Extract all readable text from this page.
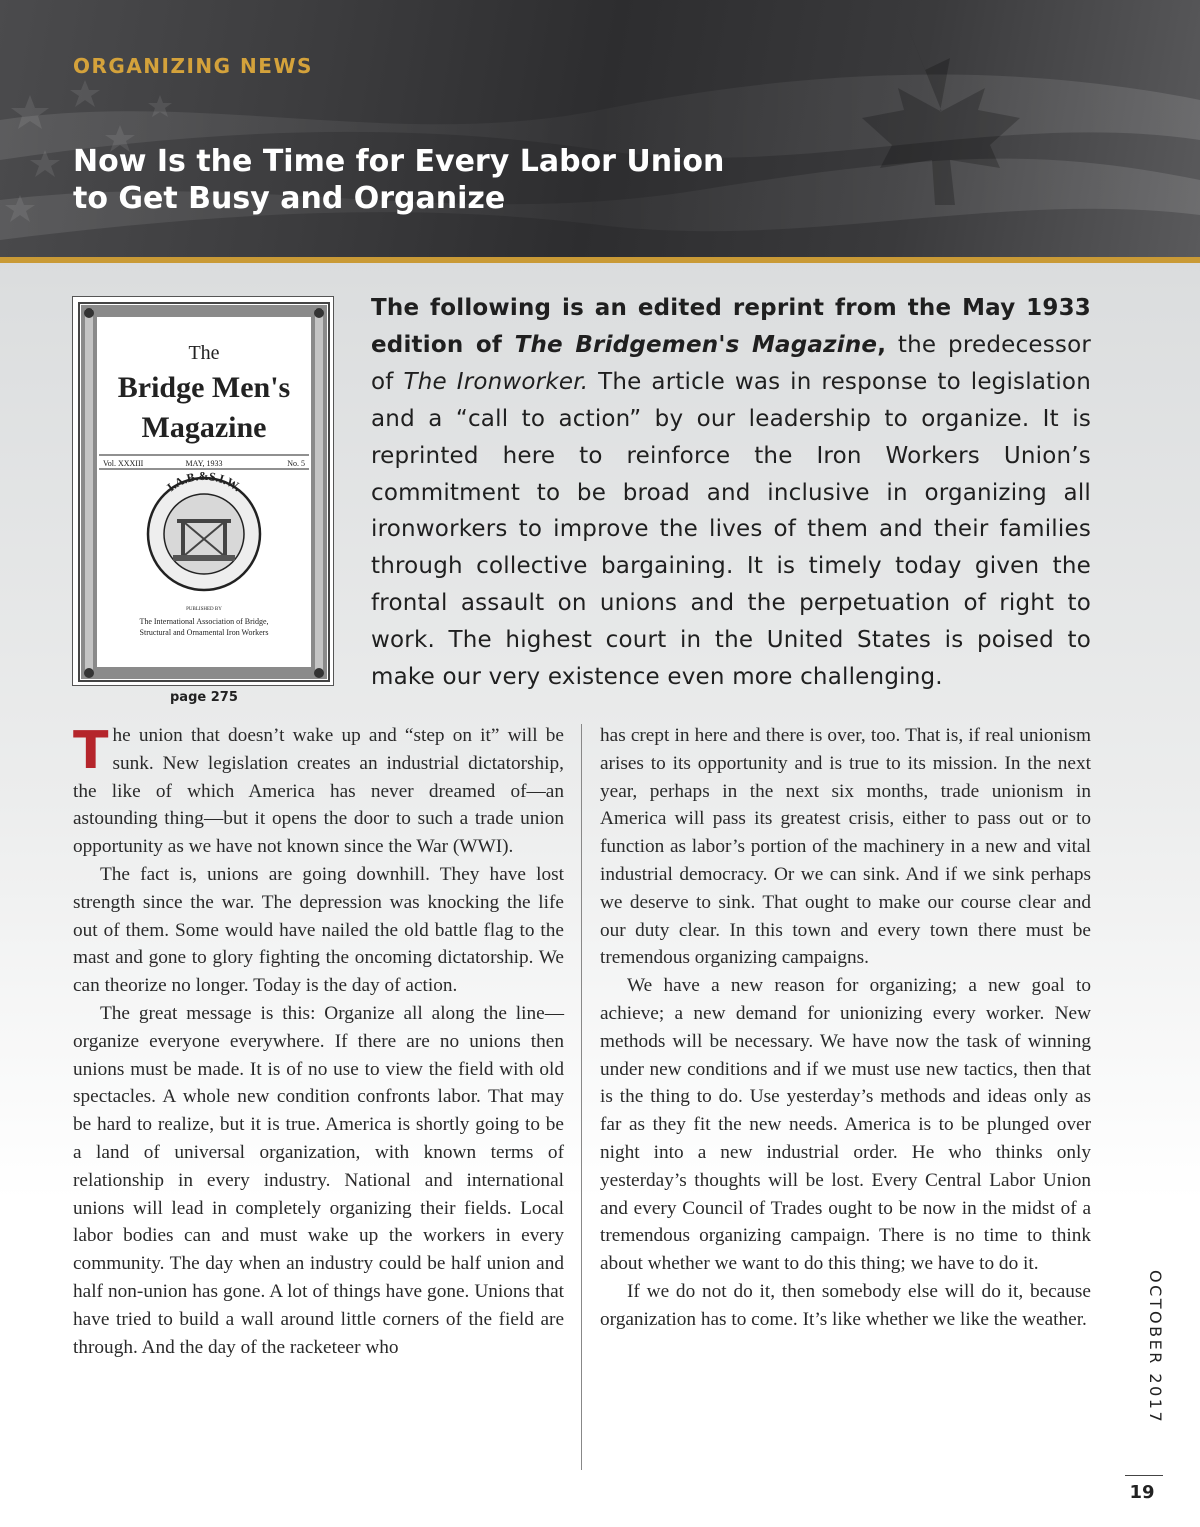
ORGANIZING NEWS

Now Is the Time for Every Labor Union
to Get Busy and Organize
The
Bridge Men's
Magazine
Vol. XXXIII	MAY, 1933	No. 5
I.A.B.&S.I.W.
PUBLISHED BY
The International Association of Bridge,
Structural and Ornamental Iron Workers

page 275

The following is an edited reprint from the May 1933 edition of The Bridgemen's Magazine, the predecessor of The Ironworker. The article was in response to legislation and a “call to action” by our leadership to organize. It is reprinted here to reinforce the Iron Workers Union’s commitment to be broad and inclusive in organizing all ironworkers to improve the lives of them and their families through collective bargaining. It is timely today given the frontal assault on unions and the perpetuation of right to work. The highest court in the United States is poised to make our very existence even more challenging.

The union that doesn’t wake up and “step on it” will be sunk. New legislation creates an industrial dictatorship, the like of which America has never dreamed of—an astounding thing—but it opens the door to such a trade union opportunity as we have not known since the War (WWI).

The fact is, unions are going downhill. They have lost strength since the war. The depression was knocking the life out of them. Some would have nailed the old battle flag to the mast and gone to glory fighting the oncoming dictatorship. We can theorize no longer. Today is the day of action.

The great message is this: Organize all along the line—organize everyone everywhere. If there are no unions then unions must be made. It is of no use to view the field with old spectacles. A whole new condition confronts labor. That may be hard to realize, but it is true. America is shortly going to be a land of universal organization, with known terms of relationship in every industry. National and international unions will lead in completely organizing their fields. Local labor bodies can and must wake up the workers in every community. The day when an industry could be half union and half non-union has gone. A lot of things have gone. Unions that have tried to build a wall around little corners of the field are through. And the day of the racketeer who

has crept in here and there is over, too. That is, if real unionism arises to its opportunity and is true to its mission. In the next year, perhaps in the next six months, trade unionism in America will pass its greatest crisis, either to pass out or to function as labor’s portion of the machinery in a new and vital industrial democracy. Or we can sink. And if we sink perhaps we deserve to sink. That ought to make our course clear and our duty clear. In this town and every town there must be tremendous organizing campaigns.

We have a new reason for organizing; a new goal to achieve; a new demand for unionizing every worker. New methods will be necessary. We have now the task of winning under new conditions and if we must use new tactics, then that is the thing to do. Use yesterday’s methods and ideas only as far as they fit the new needs. America is to be plunged over night into a new industrial order. He who thinks only yesterday’s thoughts will be lost. Every Central Labor Union and every Council of Trades ought to be now in the midst of a tremendous organizing campaign. There is no time to think about whether we want to do this thing; we have to do it.

If we do not do it, then somebody else will do it, because organization has to come. It’s like whether we like the weather.	OCTOBER 2017

19
